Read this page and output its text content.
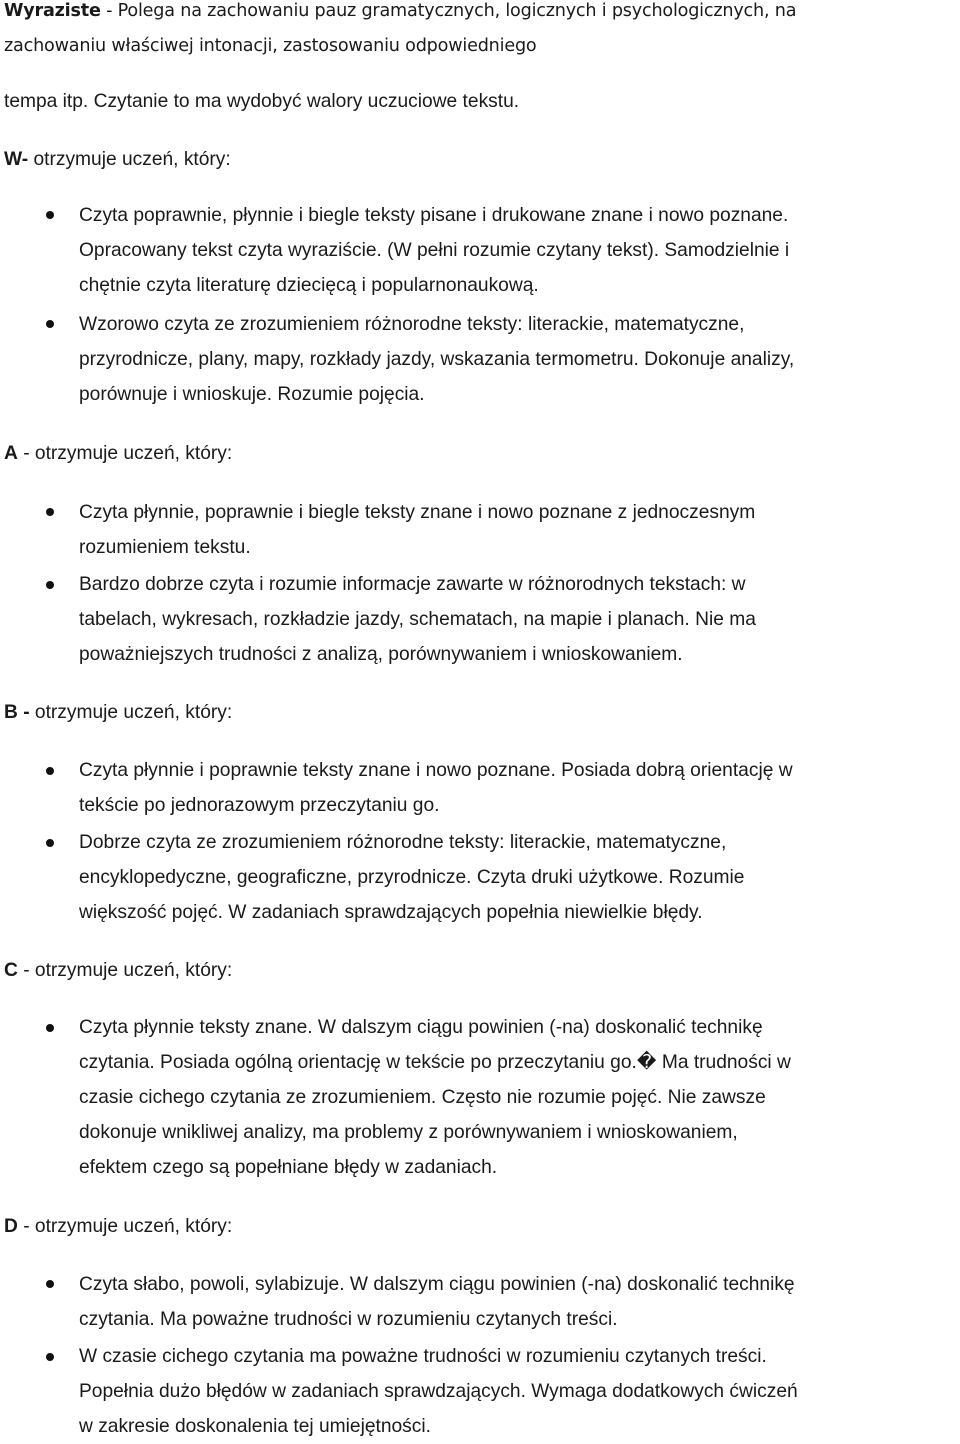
Wyraziste - Polega na zachowaniu pauz gramatycznych, logicznych i psychologicznych, na

zachowaniu właściwej intonacji, zastosowaniu odpowiedniego

tempa itp. Czytanie to ma wydobyć walory uczuciowe tekstu.

W- otrzymuje uczeń, który:

Czyta poprawnie, płynnie i biegle teksty pisane i drukowane znane i nowo poznane.
Opracowany tekst czyta wyraziście. (W pełni rozumie czytany tekst). Samodzielnie i
chętnie czyta literaturę dziecięcą i popularnonaukową.
Wzorowo czyta ze zrozumieniem różnorodne teksty: literackie, matematyczne,
przyrodnicze, plany, mapy, rozkłady jazdy, wskazania termometru. Dokonuje analizy,
porównuje i wnioskuje. Rozumie pojęcia.

A - otrzymuje uczeń, który:

Czyta płynnie, poprawnie i biegle teksty znane i nowo poznane z jednoczesnym
rozumieniem tekstu.
Bardzo dobrze czyta i rozumie informacje zawarte w różnorodnych tekstach: w
tabelach, wykresach, rozkładzie jazdy, schematach, na mapie i planach. Nie ma
poważniejszych trudności z analizą, porównywaniem i wnioskowaniem.

B - otrzymuje uczeń, który:

Czyta płynnie i poprawnie teksty znane i nowo poznane. Posiada dobrą orientację w
tekście po jednorazowym przeczytaniu go.
Dobrze czyta ze zrozumieniem różnorodne teksty: literackie, matematyczne,
encyklopedyczne, geograficzne, przyrodnicze. Czyta druki użytkowe. Rozumie
większość pojęć. W zadaniach sprawdzających popełnia niewielkie błędy.

C - otrzymuje uczeń, który:

Czyta płynnie teksty znane. W dalszym ciągu powinien (-na) doskonalić technikę
czytania. Posiada ogólną orientację w tekście po przeczytaniu go.� Ma trudności w
czasie cichego czytania ze zrozumieniem. Często nie rozumie pojęć. Nie zawsze
dokonuje wnikliwej analizy, ma problemy z porównywaniem i wnioskowaniem,
efektem czego są popełniane błędy w zadaniach.

D - otrzymuje uczeń, który:

Czyta słabo, powoli, sylabizuje. W dalszym ciągu powinien (-na) doskonalić technikę
czytania. Ma poważne trudności w rozumieniu czytanych treści.
W czasie cichego czytania ma poważne trudności w rozumieniu czytanych treści.
Popełnia dużo błędów w zadaniach sprawdzających. Wymaga dodatkowych ćwiczeń
w zakresie doskonalenia tej umiejętności.
